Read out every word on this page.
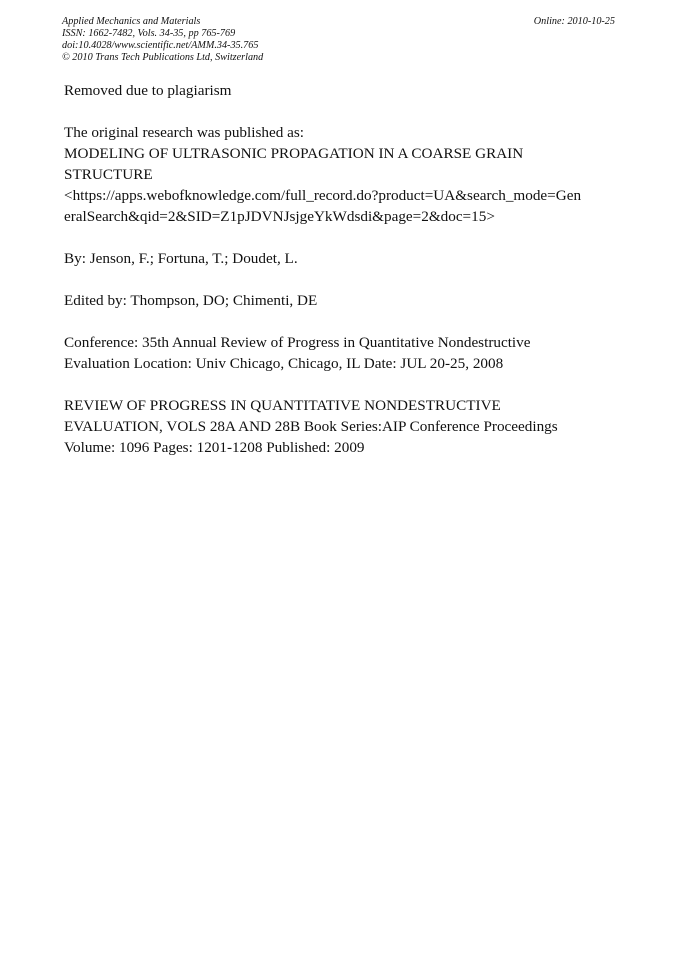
Applied Mechanics and Materials
ISSN: 1662-7482, Vols. 34-35, pp 765-769
doi:10.4028/www.scientific.net/AMM.34-35.765
© 2010 Trans Tech Publications Ltd, Switzerland
Online: 2010-10-25

Removed due to plagiarism

The original research was published as:
MODELING OF ULTRASONIC PROPAGATION IN A COARSE GRAIN
STRUCTURE
<https://apps.webofknowledge.com/full_record.do?product=UA&search_mode=Gen
eralSearch&qid=2&SID=Z1pJDVNJsjgeYkWdsdi&page=2&doc=15>

By: Jenson, F.; Fortuna, T.; Doudet, L.

Edited by: Thompson, DO; Chimenti, DE

Conference: 35th Annual Review of Progress in Quantitative Nondestructive
Evaluation Location: Univ Chicago, Chicago, IL Date: JUL 20-25, 2008

REVIEW OF PROGRESS IN QUANTITATIVE NONDESTRUCTIVE
EVALUATION, VOLS 28A AND 28B Book Series:AIP Conference Proceedings
Volume: 1096 Pages: 1201-1208 Published: 2009
